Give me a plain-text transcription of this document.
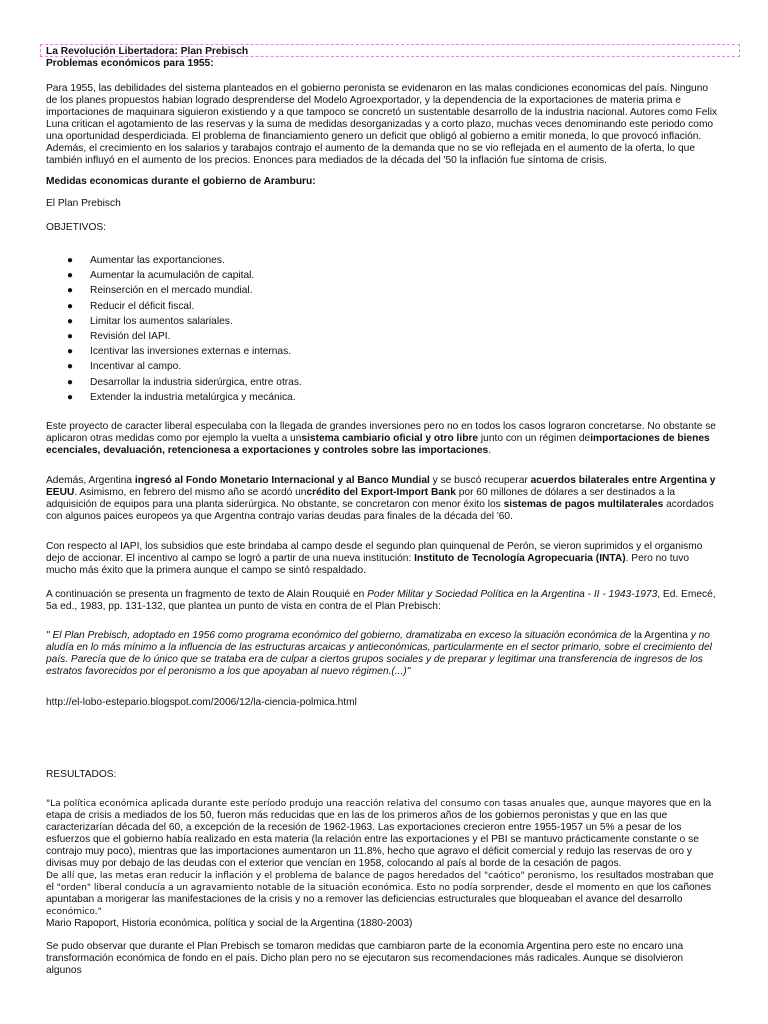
La Revolución Libertadora: Plan Prebisch

Problemas económicos para 1955:

Para 1955, las debilidades del sistema planteados en el gobierno peronista se evidenaron en las malas condiciones economicas del país. Ninguno de los planes propuestos habian logrado desprenderse del Modelo Agroexportador, y la dependencia de la exportaciones de materia prima e importaciones de maquinara siguieron existiendo y a que tampoco se concretó un sustentable desarrollo de la industria nacional. Autores como Felix Luna critican el agotamiento de las reservas y la suma de medidas desorganizadas y a corto plazo, muchas veces denominando este periodo como una oportunidad desperdiciada. El problema de financiamiento genero un deficit que obligó al gobierno a emitir moneda, lo que provocó inflación. Además, el crecimiento en los salarios y tarabajos contrajo el aumento de la demanda que no se vio reflejada en el aumento de la oferta, lo que también influyó en el aumento de los precios. Enonces para mediados de la década del '50 la inflación fue síntoma de crisis.

Medidas economicas durante el gobierno de Aramburu:

El Plan Prebisch

OBJETIVOS:

● Aumentar las exportanciones.
● Aumentar la acumulación de capital.
● Reinserción en el mercado mundial.
● Reducir el déficit fiscal.
● Limitar los aumentos salariales.
● Revisión del IAPI.
● Icentivar las inversiones externas e internas.
● Incentivar al campo.
● Desarrollar la industria siderúrgica, entre otras.
● Extender la industria metalúrgica y mecánica.

Este proyecto de caracter liberal especulaba con la llegada de grandes inversiones pero no en todos los casos lograron concretarse. No obstante se aplicaron otras medidas como por ejemplo la vuelta a unsistema cambiario oficial y otro libre junto con un régimen deimportaciones de bienes ecenciales, devaluación, retencionesa a exportaciones y controles sobre las importaciones.

Además, Argentina ingresó al Fondo Monetario Internacional y al Banco Mundial y se buscó recuperar acuerdos bilaterales entre Argentina y EEUU. Asimismo, en febrero del mismo año se acordó uncrédito del Export-Import Bank por 60 millones de dólares a ser destinados a la adquisición de equipos para una planta siderúrgica. No obstante, se concretaron con menor éxito los sistemas de pagos multilaterales acordados con algunos paices europeos ya que Argentna contrajo varias deudas para finales de la década del '60.

Con respecto al IAPI, los subsidios que este brindaba al campo desde el segundo plan quinquenal de Perón, se vieron suprimidos y el organismo dejo de accionar. El incentivo al campo se logró a partir de una nueva institución: Instituto de Tecnología Agropecuaria (INTA). Pero no tuvo mucho más éxito que la primera aunque el campo se sintó respaldado.

A continuación se presenta un fragmento de texto de Alain Rouquié en Poder Militar y Sociedad Política en la Argentina - II - 1943-1973, Ed. Emecé, 5a ed., 1983, pp. 131-132, que plantea un punto de vista en contra de el Plan Prebisch:

" El Plan Prebisch, adoptado en 1956 como programa económico del gobierno, dramatizaba en exceso la situación económica de la Argentina y no aludía en lo más mínimo a la influencia de las estructuras arcaicas y antieconómicas, particularmente en el sector primario, sobre el crecimiento del país. Parecía que de lo único que se trataba era de culpar a ciertos grupos sociales y de preparar y legitimar una transferencia de ingresos de los estratos favorecidos por el peronismo a los que apoyaban al nuevo régimen.(...)"

http://el-lobo-estepario.blogspot.com/2006/12/la-ciencia-polmica.html

RESULTADOS:

"La política económica aplicada durante este período produjo una reacción relativa del consumo con tasas anuales que, aunque mayores que en la etapa de crisis a mediados de los 50, fueron más reducidas que en las de los primeros años de los gobiernos peronistas y que en las que caracterizarían década del 60, a excepción de la recesión de 1962-1963. Las exportaciones crecieron entre 1955-1957 un 5% a pesar de los esfuerzos que el gobierno había realizado en esta materia (la relación entre las exportaciones y el PBI se mantuvo prácticamente constante o se contrajo muy poco), mientras que las importaciones aumentaron un 11.8%, hecho que agravo el déficit comercial y redujo las reservas de oro y divisas muy por debajo de las deudas con el exterior que vencían en 1958, colocando al país al borde de la cesación de pagos.
De allí que, las metas eran reducir la inflación y el problema de balance de pagos heredados del "caótico" peronismo, los resultados mostraban que el "orden" liberal conducía a un agravamiento notable de la situación económica. Esto no podía sorprender, desde el momento en que los cañones apuntaban a morigerar las manifestaciones de la crisis y no a remover las deficiencias estructurales que bloqueaban el avance del desarrollo económico."

Mario Rapoport, Historia económica, política y social de la Argentina (1880-2003)

Se pudo observar que durante el Plan Prebisch se tomaron medidas que cambiaron parte de la economía Argentina pero este no encaro una transformación económica de fondo en el país. Dicho plan pero no se ejecutaron sus recomendaciones más radicales. Aunque se disolvieron algunos
